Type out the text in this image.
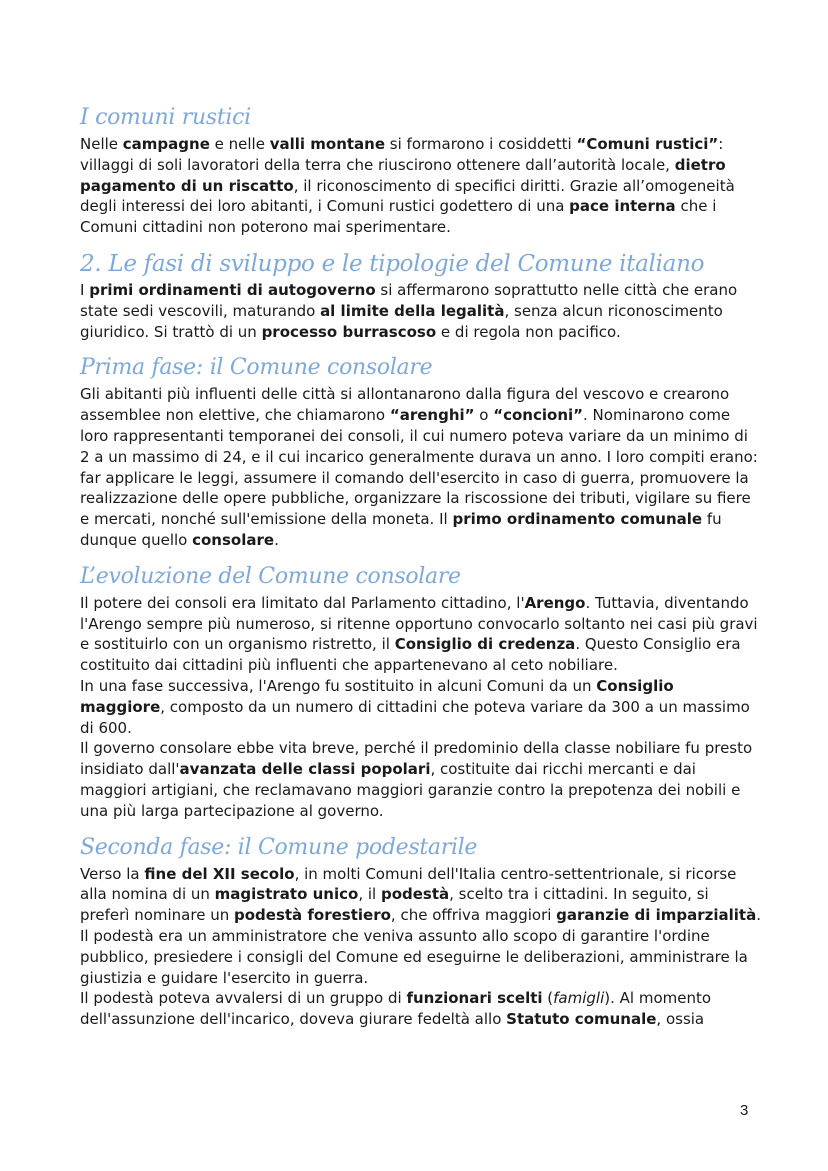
I comuni rustici

Nelle campagne e nelle valli montane si formarono i cosiddetti “Comuni rustici”: villaggi di soli lavoratori della terra che riuscirono ottenere dall’autorità locale, dietro pagamento di un riscatto, il riconoscimento di specifici diritti. Grazie all’omogeneità degli interessi dei loro abitanti, i Comuni rustici godettero di una pace interna che i Comuni cittadini non poterono mai sperimentare.

2. Le fasi di sviluppo e le tipologie del Comune italiano

I primi ordinamenti di autogoverno si affermarono soprattutto nelle città che erano state sedi vescovili, maturando al limite della legalità, senza alcun riconoscimento giuridico. Si trattò di un processo burrascoso e di regola non pacifico.

Prima fase: il Comune consolare

Gli abitanti più influenti delle città si allontanarono dalla figura del vescovo e crearono assemblee non elettive, che chiamarono “arenghi” o “concioni”. Nominarono come loro rappresentanti temporanei dei consoli, il cui numero poteva variare da un minimo di 2 a un massimo di 24, e il cui incarico generalmente durava un anno. I loro compiti erano: far applicare le leggi, assumere il comando dell'esercito in caso di guerra, promuovere la realizzazione delle opere pubbliche, organizzare la riscossione dei tributi, vigilare su fiere e mercati, nonché sull'emissione della moneta. Il primo ordinamento comunale fu dunque quello consolare.

L’evoluzione del Comune consolare

Il potere dei consoli era limitato dal Parlamento cittadino, l'Arengo. Tuttavia, diventando l'Arengo sempre più numeroso, si ritenne opportuno convocarlo soltanto nei casi più gravi e sostituirlo con un organismo ristretto, il Consiglio di credenza. Questo Consiglio era costituito dai cittadini più influenti che appartenevano al ceto nobiliare.

In una fase successiva, l'Arengo fu sostituito in alcuni Comuni da un Consiglio maggiore, composto da un numero di cittadini che poteva variare da 300 a un massimo di 600.

Il governo consolare ebbe vita breve, perché il predominio della classe nobiliare fu presto insidiato dall'avanzata delle classi popolari, costituite dai ricchi mercanti e dai maggiori artigiani, che reclamavano maggiori garanzie contro la prepotenza dei nobili e una più larga partecipazione al governo.

Seconda fase: il Comune podestarile

Verso la fine del XII secolo, in molti Comuni dell'Italia centro-settentrionale, si ricorse alla nomina di un magistrato unico, il podestà, scelto tra i cittadini. In seguito, si preferì nominare un podestà forestiero, che offriva maggiori garanzie di imparzialità. Il podestà era un amministratore che veniva assunto allo scopo di garantire l'ordine pubblico, presiedere i consigli del Comune ed eseguirne le deliberazioni, amministrare la giustizia e guidare l'esercito in guerra.

Il podestà poteva avvalersi di un gruppo di funzionari scelti (famigli). Al momento dell'assunzione dell'incarico, doveva giurare fedeltà allo Statuto comunale, ossia

3
